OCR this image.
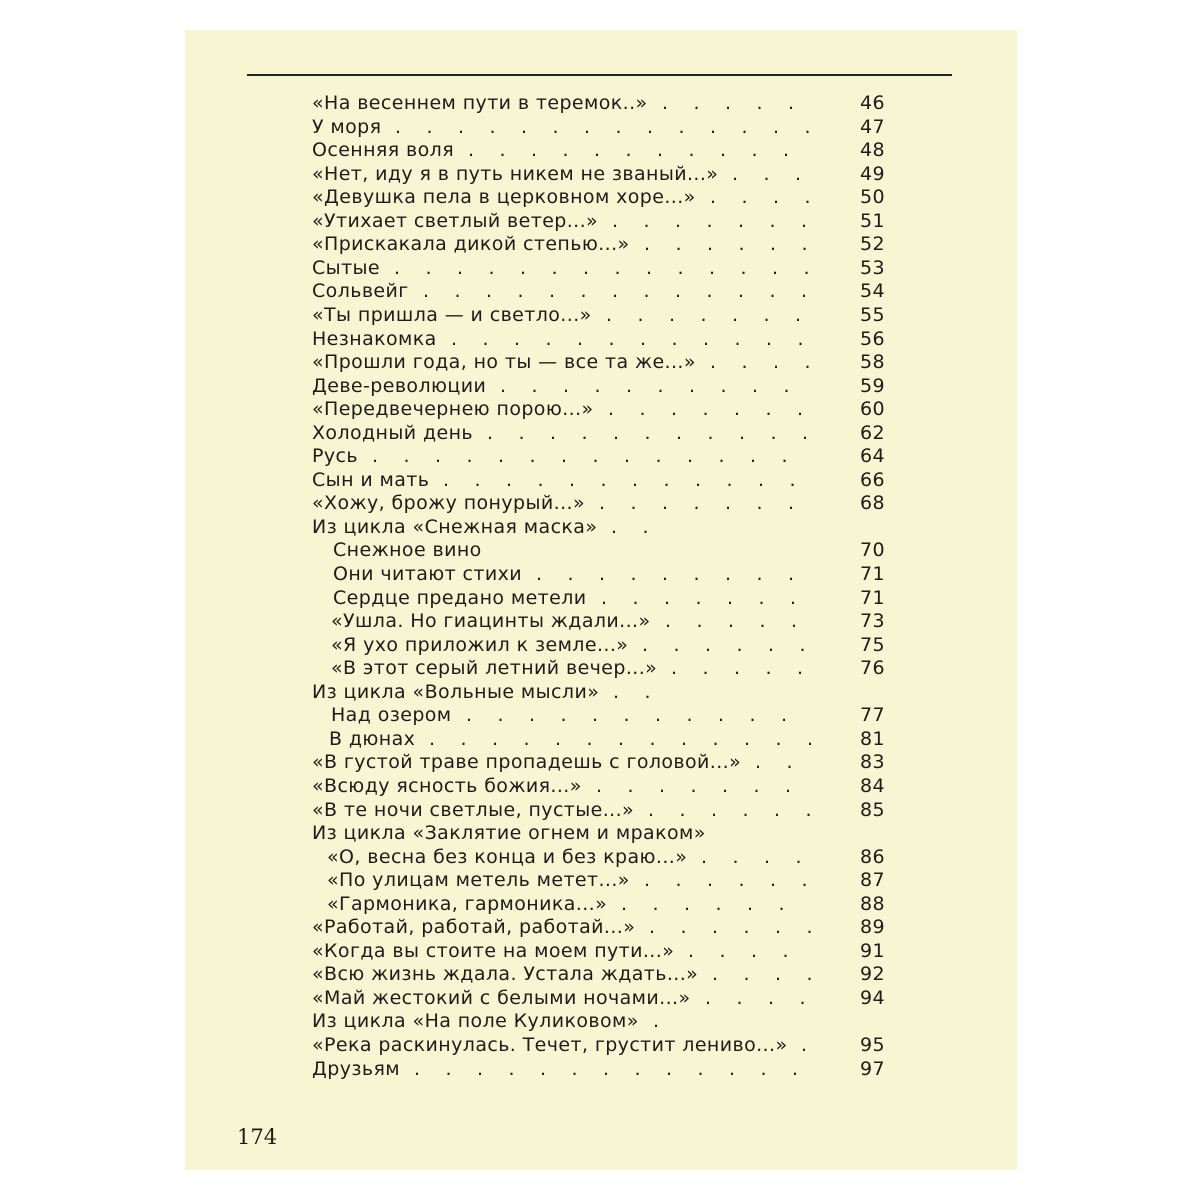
«На весеннем пути в теремок..» . . . . .	46
У моря . . . . . . . . . . . . . .	47
Осенняя воля . . . . . . . . . . .	48
«Нет, иду я в путь никем не званый...» . . .	49
«Девушка пела в церковном хоре...» . . . .	50
«Утихает светлый ветер...» . . . . . . .	51
«Прискакала дикой степью...» . . . . . .	52
Сытые . . . . . . . . . . . . . .	53
Сольвейг . . . . . . . . . . . . .	54
«Ты пришла — и светло...» . . . . . . .	55
Незнакомка . . . . . . . . . . . .	56
«Прошли года, но ты — все та же...» . . . .	58
Деве-революции . . . . . . . . . .	59
«Передвечернею порою...» . . . . . . .	60
Холодный день . . . . . . . . . . .	62
Русь . . . . . . . . . . . . . .	64
Сын и мать . . . . . . . . . . . .	66
«Хожу, брожу понурый...» . . . . . . .	68
Из цикла «Снежная маска» . .
Снежное вино	70
Они читают стихи . . . . . . . . .	71
Сердце предано метели . . . . . . .	71
«Ушла. Но гиацинты ждали...» . . . . .	73
«Я ухо приложил к земле...» . . . . . .	75
«В этот серый летний вечер...» . . . . .	76
Из цикла «Вольные мысли» . .
Над озером . . . . . . . . . . .	77
В дюнах . . . . . . . . . . . . .	81
«В густой траве пропадешь с головой...» . .	83
«Всюду ясность божия...» . . . . . . .	84
«В те ночи светлые, пустые...» . . . . . .	85
Из цикла «Заклятие огнем и мраком»
«О, весна без конца и без краю...» . . . .	86
«По улицам метель метет...» . . . . . .	87
«Гармоника, гармоника...» . . . . . .	88
«Работай, работай, работай...» . . . . . .	89
«Когда вы стоите на моем пути...» . . . .	91
«Всю жизнь ждала. Устала ждать...» . . . .	92
«Май жестокий с белыми ночами...» . . . .	94
Из цикла «На поле Куликовом» .
«Река раскинулась. Течет, грустит лениво...» .	95
Друзьям . . . . . . . . . . . . .	97
174
